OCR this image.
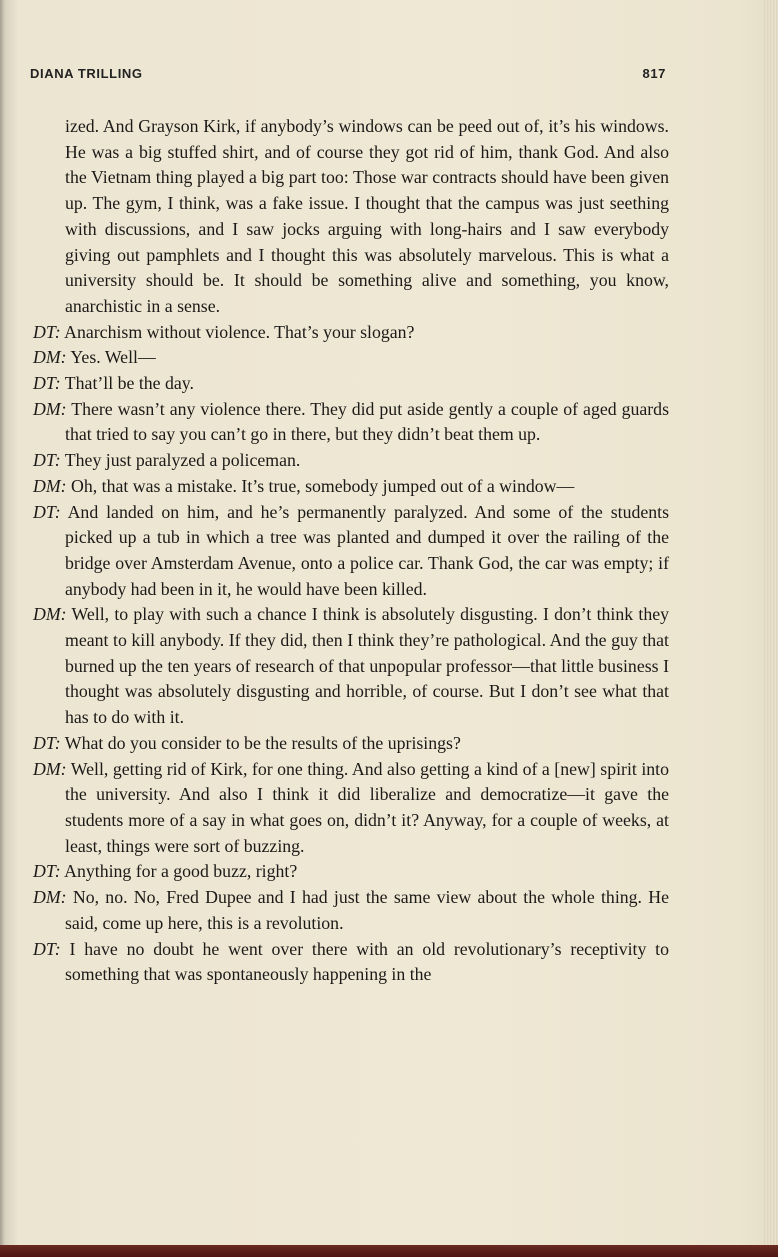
DIANA TRILLING	817

ized. And Grayson Kirk, if anybody’s windows can be peed out of, it’s his windows. He was a big stuffed shirt, and of course they got rid of him, thank God. And also the Vietnam thing played a big part too: Those war contracts should have been given up. The gym, I think, was a fake issue. I thought that the campus was just seething with discussions, and I saw jocks arguing with long-hairs and I saw everybody giving out pamphlets and I thought this was absolutely marvelous. This is what a university should be. It should be something alive and something, you know, anarchistic in a sense.

DT: Anarchism without violence. That’s your slogan?

DM: Yes. Well—

DT: That’ll be the day.

DM: There wasn’t any violence there. They did put aside gently a couple of aged guards that tried to say you can’t go in there, but they didn’t beat them up.

DT: They just paralyzed a policeman.

DM: Oh, that was a mistake. It’s true, somebody jumped out of a window—

DT: And landed on him, and he’s permanently paralyzed. And some of the students picked up a tub in which a tree was planted and dumped it over the railing of the bridge over Amsterdam Avenue, onto a police car. Thank God, the car was empty; if anybody had been in it, he would have been killed.

DM: Well, to play with such a chance I think is absolutely disgusting. I don’t think they meant to kill anybody. If they did, then I think they’re pathological. And the guy that burned up the ten years of research of that unpopular professor—that little business I thought was absolutely disgusting and horrible, of course. But I don’t see what that has to do with it.

DT: What do you consider to be the results of the uprisings?

DM: Well, getting rid of Kirk, for one thing. And also getting a kind of a [new] spirit into the university. And also I think it did liberalize and democratize—it gave the students more of a say in what goes on, didn’t it? Anyway, for a couple of weeks, at least, things were sort of buzzing.

DT: Anything for a good buzz, right?

DM: No, no. No, Fred Dupee and I had just the same view about the whole thing. He said, come up here, this is a revolution.

DT: I have no doubt he went over there with an old revolutionary’s receptivity to something that was spontaneously happening in the
